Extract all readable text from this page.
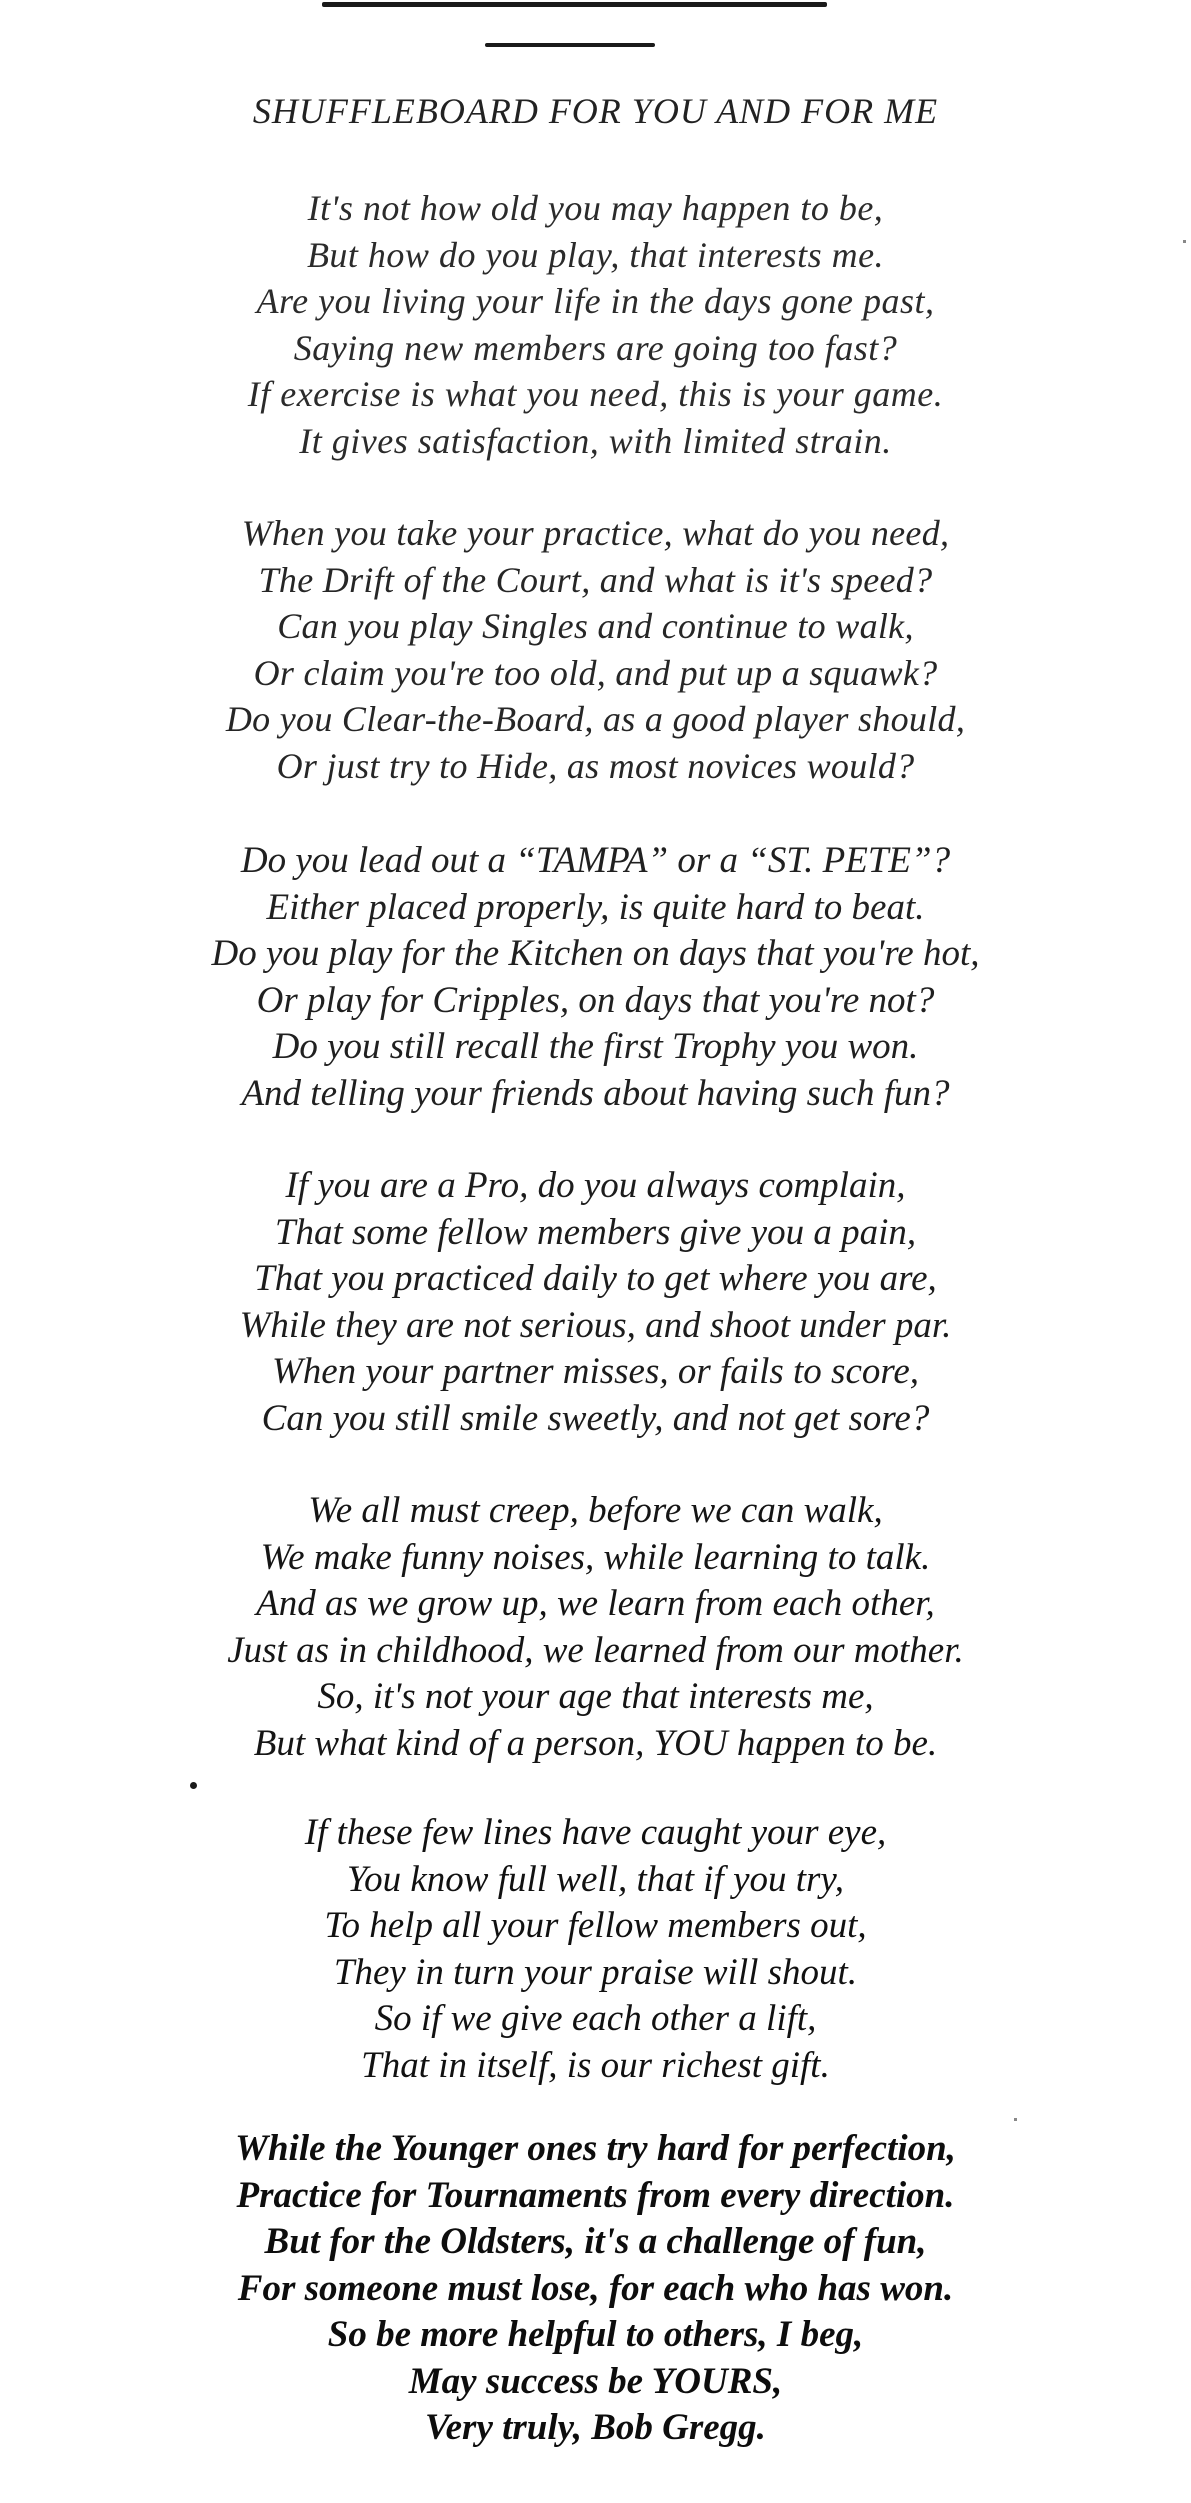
SHUFFLEBOARD FOR YOU AND FOR ME
It's not how old you may happen to be,
But how do you play, that interests me.
Are you living your life in the days gone past,
Saying new members are going too fast?
If exercise is what you need, this is your game.
It gives satisfaction, with limited strain.
When you take your practice, what do you need,
The Drift of the Court, and what is it's speed?
Can you play Singles and continue to walk,
Or claim you're too old, and put up a squawk?
Do you Clear-the-Board, as a good player should,
Or just try to Hide, as most novices would?
Do you lead out a “TAMPA” or a “ST. PETE”?
Either placed properly, is quite hard to beat.
Do you play for the Kitchen on days that you're hot,
Or play for Cripples, on days that you're not?
Do you still recall the first Trophy you won.
And telling your friends about having such fun?
If you are a Pro, do you always complain,
That some fellow members give you a pain,
That you practiced daily to get where you are,
While they are not serious, and shoot under par.
When your partner misses, or fails to score,
Can you still smile sweetly, and not get sore?
We all must creep, before we can walk,
We make funny noises, while learning to talk.
And as we grow up, we learn from each other,
Just as in childhood, we learned from our mother.
So, it's not your age that interests me,
But what kind of a person, YOU happen to be.
If these few lines have caught your eye,
You know full well, that if you try,
To help all your fellow members out,
They in turn your praise will shout.
So if we give each other a lift,
That in itself, is our richest gift.
While the Younger ones try hard for perfection,
Practice for Tournaments from every direction.
But for the Oldsters, it's a challenge of fun,
For someone must lose, for each who has won.
So be more helpful to others, I beg,
May success be YOURS,
Very truly, Bob Gregg.
